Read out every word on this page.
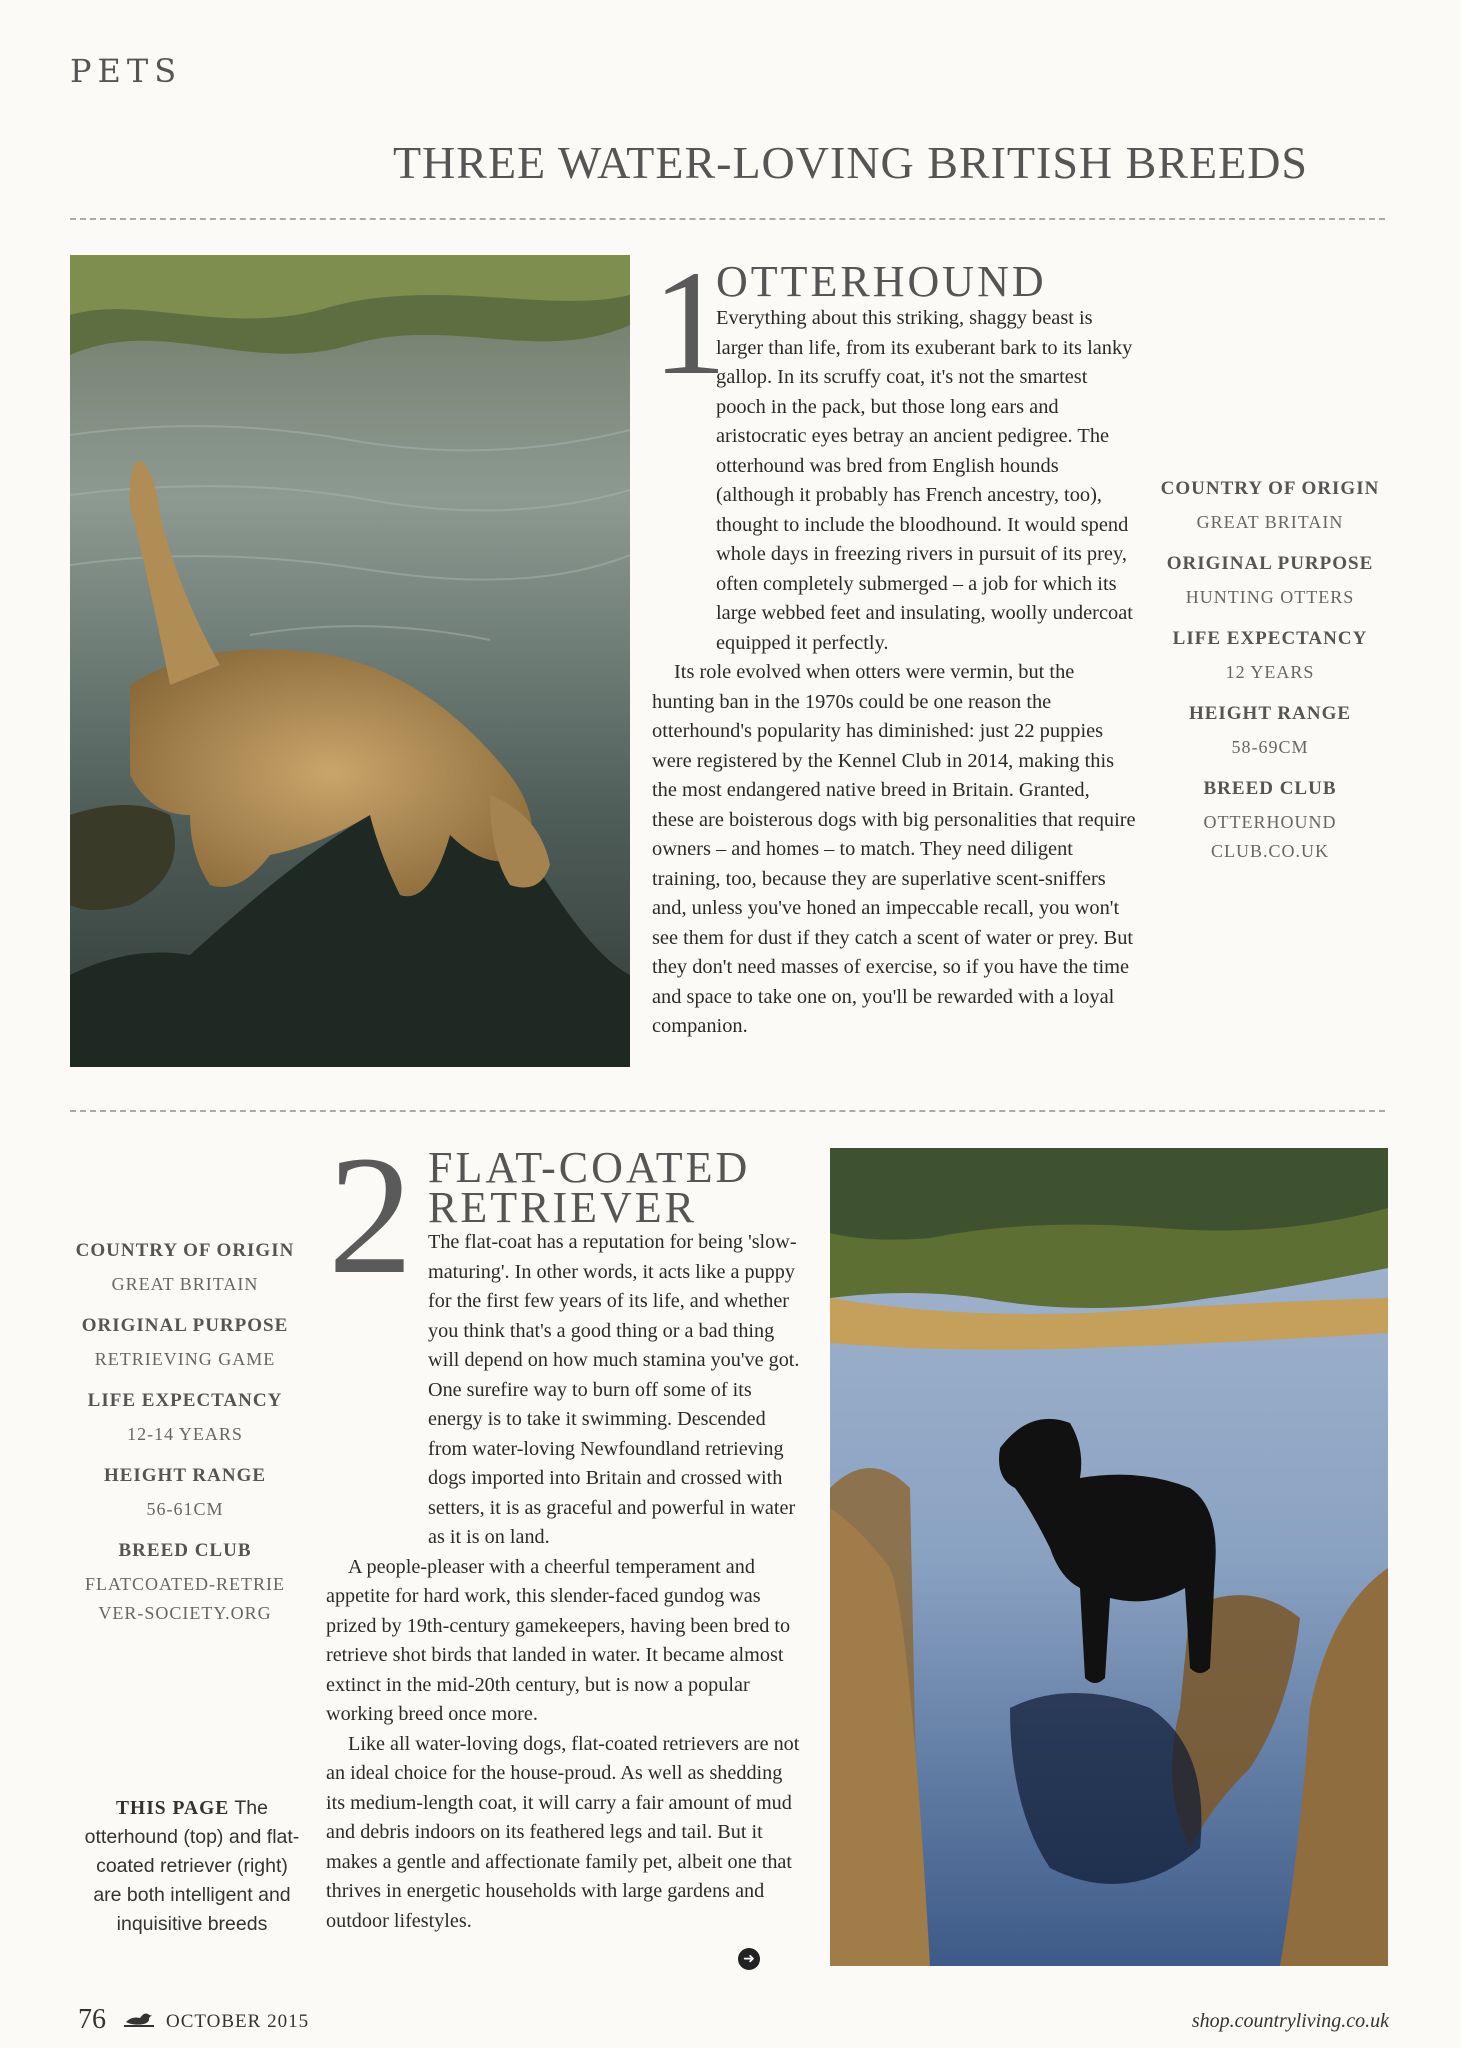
PETS
THREE WATER-LOVING BRITISH BREEDS
1
OTTERHOUND

Everything about this striking, shaggy beast is larger than life, from its exuberant bark to its lanky gallop. In its scruffy coat, it's not the smartest pooch in the pack, but those long ears and aristocratic eyes betray an ancient pedigree. The otterhound was bred from English hounds (although it probably has French ancestry, too), thought to include the bloodhound. It would spend whole days in freezing rivers in pursuit of its prey, often completely submerged – a job for which its large webbed feet and insulating, woolly undercoat equipped it perfectly.

Its role evolved when otters were vermin, but the hunting ban in the 1970s could be one reason the otterhound's popularity has diminished: just 22 puppies were registered by the Kennel Club in 2014, making this the most endangered native breed in Britain. Granted, these are boisterous dogs with big personalities that require owners – and homes – to match. They need diligent training, too, because they are superlative scent-sniffers and, unless you've honed an impeccable recall, you won't see them for dust if they catch a scent of water or prey. But they don't need masses of exercise, so if you have the time and space to take one on, you'll be rewarded with a loyal companion.

COUNTRY OF ORIGIN
GREAT BRITAIN
ORIGINAL PURPOSE
HUNTING OTTERS
LIFE EXPECTANCY
12 YEARS
HEIGHT RANGE
58-69CM
BREED CLUB
OTTERHOUND CLUB.CO.UK
2 FLAT-COATED
RETRIEVER

The flat-coat has a reputation for being 'slow-maturing'. In other words, it acts like a puppy for the first few years of its life, and whether you think that's a good thing or a bad thing will depend on how much stamina you've got. One surefire way to burn off some of its energy is to take it swimming. Descended from water-loving Newfoundland retrieving dogs imported into Britain and crossed with setters, it is as graceful and powerful in water as it is on land.

A people-pleaser with a cheerful temperament and appetite for hard work, this slender-faced gundog was prized by 19th-century gamekeepers, having been bred to retrieve shot birds that landed in water. It became almost extinct in the mid-20th century, but is now a popular working breed once more.

Like all water-loving dogs, flat-coated retrievers are not an ideal choice for the house-proud. As well as shedding its medium-length coat, it will carry a fair amount of mud and debris indoors on its feathered legs and tail. But it makes a gentle and affectionate family pet, albeit one that thrives in energetic households with large gardens and outdoor lifestyles.

➜
COUNTRY OF ORIGIN
GREAT BRITAIN
ORIGINAL PURPOSE
RETRIEVING GAME
LIFE EXPECTANCY
12-14 YEARS
HEIGHT RANGE
56-61CM
BREED CLUB
FLATCOATED-RETRIEVER-SOCIETY.ORG
THIS PAGE The otterhound (top) and flat-coated retriever (right) are both intelligent and inquisitive breeds
76	OCTOBER 2015	shop.countryliving.co.uk
